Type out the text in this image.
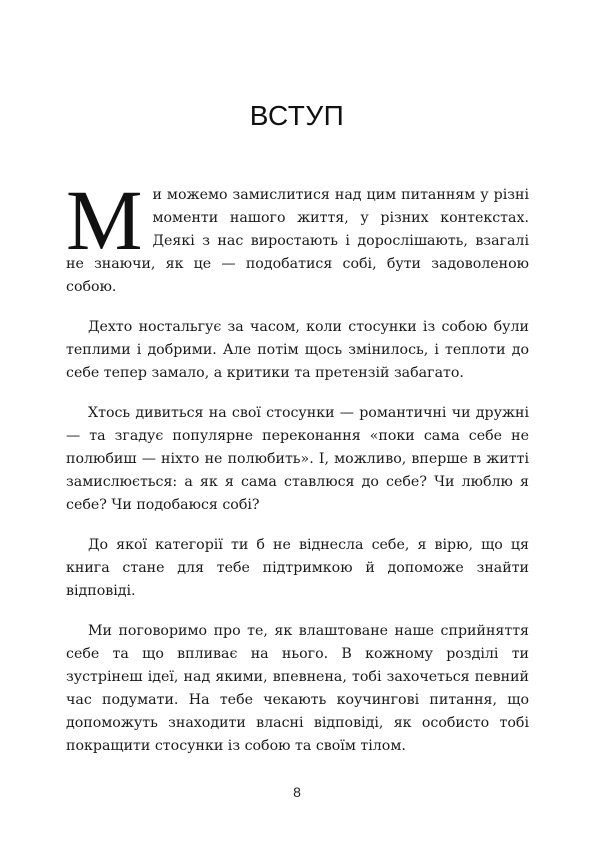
ВСТУП

Ми можемо замислитися над цим питанням у різні моменти нашого життя, у різних контекстах. Деякі з нас виростають і дорослішають, взагалі не знаючи, як це — подобатися собі, бути задоволеною собою.

Дехто ностальгує за часом, коли стосунки із собою були теплими і добрими. Але потім щось змінилось, і теплоти до себе тепер замало, а критики та претензій забагато.

Хтось дивиться на свої стосунки — романтичні чи дружні — та згадує популярне переконання «поки сама себе не полюбиш — ніхто не полюбить». І, можливо, вперше в житті замислюється: а як я сама ставлюся до себе? Чи люблю я себе? Чи подобаюся собі?

До якої категорії ти б не віднесла себе, я вірю, що ця книга стане для тебе підтримкою й допоможе знайти відповіді.

Ми поговоримо про те, як влаштоване наше сприйняття себе та що впливає на нього. В кожному розділі ти зустрінеш ідеї, над якими, впевнена, тобі захочеться певний час подумати. На тебе чекають коучингові питання, що допоможуть знаходити власні відповіді, як особисто тобі покращити стосунки із собою та своїм тілом.

8
